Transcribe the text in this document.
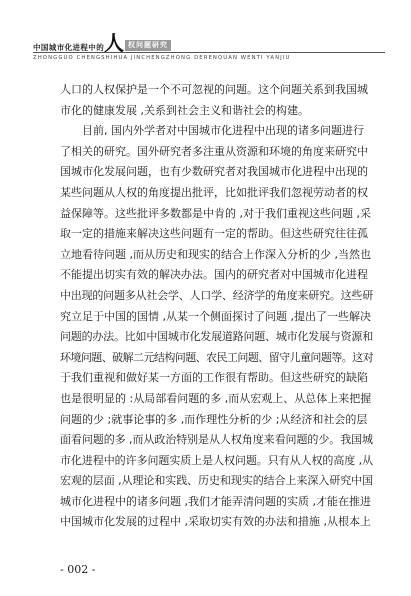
中国城市化进程中的 人 权问题研究
ZHONGGUO CHENGSHIHUA JINCHENGZHONG DERENQUAN WENTI YANJIU
人口的人权保护是一个不可忽视的问题。这个问题关系到我国城
市化的健康发展 ,关系到社会主义和谐社会的构建。
目前, 国内外学者对中国城市化进程中出现的诸多问题进行
了相关的研究。国外研究者多注重从资源和环境的角度来研究中
国城市化发展问题，也有少数研究者对我国城市化进程中出现的
某些问题从人权的角度提出批评，比如批评我们忽视劳动者的权
益保障等。这些批评多数都是中肯的 ,对于我们重视这些问题 ,采
取一定的措施来解决这些问题有一定的帮助。但这些研究往往孤
立地看待问题 ,而从历史和现实的结合上作深入分析的少 ,当然也
不能提出切实有效的解决办法。国内的研究者对中国城市化进程
中出现的问题多从社会学、人口学、经济学的角度来研究。这些研
究立足于中国的国情 ,从某一个侧面探讨了问题 ,提出了一些解决
问题的办法。比如中国城市化发展道路问题、城市化发展与资源和
环境问题、破解二元结构问题、农民工问题、留守儿童问题等。这对
于我们重视和做好某一方面的工作很有帮助。但这些研究的缺陷
也是很明显的 :从局部看问题的多 ,而从宏观上、从总体上来把握
问题的少 ;就事论事的多 ,而作理性分析的少 ;从经济和社会的层
面看问题的多 ,而从政治特别是从人权角度来看问题的少。我国城
市化进程中的许多问题实质上是人权问题。只有从人权的高度 ,从
宏观的层面 ,从理论和实践、历史和现实的结合上来深入研究中国
城市化进程中的诸多问题 ,我们才能弄清问题的实质 ,才能在推进
中国城市化发展的过程中 ,采取切实有效的办法和措施 ,从根本上
- 002 -
